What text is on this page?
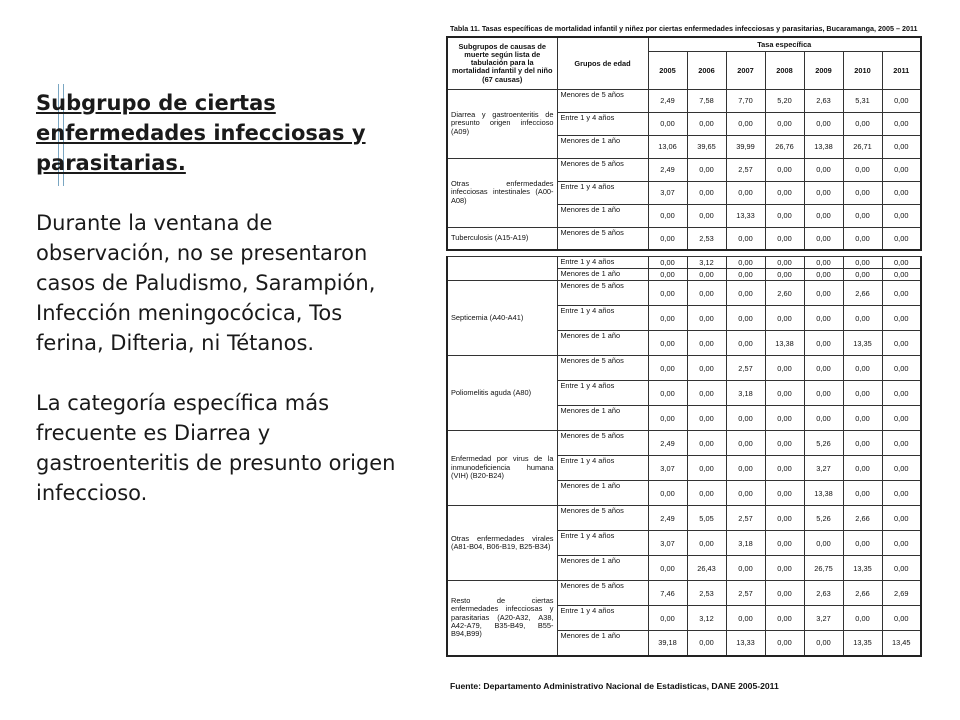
Subgrupo de ciertas enfermedades infecciosas y parasitarias.

Durante la ventana de observación, no se presentaron casos de Paludismo, Sarampión, Infección meningocócica, Tos ferina, Difteria, ni Tétanos.

La categoría específica más frecuente es Diarrea y gastroenteritis de presunto origen infeccioso.

Tabla 11. Tasas específicas de mortalidad infantil y niñez por ciertas enfermedades infecciosas y parasitarias, Bucaramanga, 2005 – 2011
Subgrupos de causas de muerte según lista de tabulación para la mortalidad infantil y del niño (67 causas)	Grupos de edad	Tasa específica						
		2005	2006	2007	2008	2009	2010	2011
Diarrea y gastroenteritis de presunto origen infeccioso (A09)	Menores de 5 años	2,49	7,58	7,70	5,20	2,63	5,31	0,00
	Entre 1 y 4 años	0,00	0,00	0,00	0,00	0,00	0,00	0,00
	Menores de 1 año	13,06	39,65	39,99	26,76	13,38	26,71	0,00
Otras enfermedades infecciosas intestinales (A00-A08)	Menores de 5 años	2,49	0,00	2,57	0,00	0,00	0,00	0,00
	Entre 1 y 4 años	3,07	0,00	0,00	0,00	0,00	0,00	0,00
	Menores de 1 año	0,00	0,00	13,33	0,00	0,00	0,00	0,00
Tuberculosis (A15-A19)	Menores de 5 años	0,00	2,53	0,00	0,00	0,00	0,00	0,00
	Entre 1 y 4 años	0,00	3,12	0,00	0,00	0,00	0,00	0,00
	Menores de 1 año	0,00	0,00	0,00	0,00	0,00	0,00	0,00
Septicemia (A40-A41)	Menores de 5 años	0,00	0,00	0,00	2,60	0,00	2,66	0,00
	Entre 1 y 4 años	0,00	0,00	0,00	0,00	0,00	0,00	0,00
	Menores de 1 año	0,00	0,00	0,00	13,38	0,00	13,35	0,00
Poliomelitis aguda (A80)	Menores de 5 años	0,00	0,00	2,57	0,00	0,00	0,00	0,00
	Entre 1 y 4 años	0,00	0,00	3,18	0,00	0,00	0,00	0,00
	Menores de 1 año	0,00	0,00	0,00	0,00	0,00	0,00	0,00
Enfermedad por virus de la inmunodeficiencia humana (VIH) (B20-B24)	Menores de 5 años	2,49	0,00	0,00	0,00	5,26	0,00	0,00
	Entre 1 y 4 años	3,07	0,00	0,00	0,00	3,27	0,00	0,00
	Menores de 1 año	0,00	0,00	0,00	0,00	13,38	0,00	0,00
Otras enfermedades virales (A81-B04, B06-B19, B25-B34)	Menores de 5 años	2,49	5,05	2,57	0,00	5,26	2,66	0,00
	Entre 1 y 4 años	3,07	0,00	3,18	0,00	0,00	0,00	0,00
	Menores de 1 año	0,00	26,43	0,00	0,00	26,75	13,35	0,00
Resto de ciertas enfermedades infecciosas y parasitarias (A20-A32, A38, A42-A79, B35-B49, B55-B94,B99)	Menores de 5 años	7,46	2,53	2,57	0,00	2,63	2,66	2,69
	Entre 1 y 4 años	0,00	3,12	0,00	0,00	3,27	0,00	0,00
	Menores de 1 año	39,18	0,00	13,33	0,00	0,00	13,35	13,45
Fuente: Departamento Administrativo Nacional de Estadisticas, DANE 2005-2011
